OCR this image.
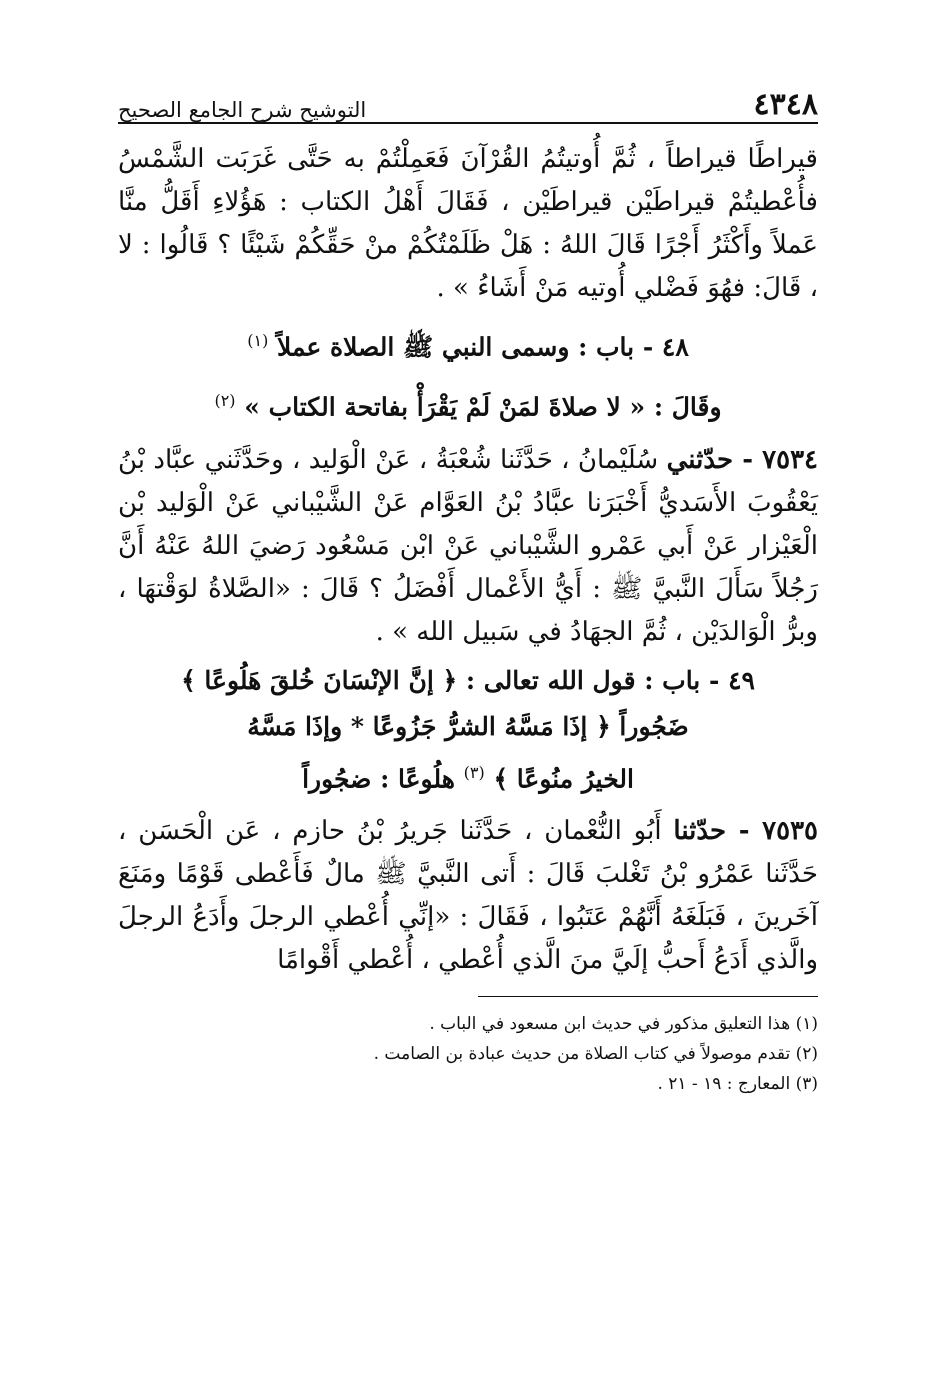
٤٣٤٨
التوشيح شرح الجامع الصحيح

قيراطًا قيراطاً ، ثُمَّ أُوتيتُمُ القُرْآنَ فَعَمِلْتُمْ به حَتَّى غَرَبَت الشَّمْسُ فأُعْطيتُمْ قيراطَيْن قيراطَيْن ، فَقَالَ أَهْلُ الكتاب : هَؤُلاءِ أَقَلُّ منَّا عَملاً وأَكْثَرُ أَجْرًا قَالَ اللهُ : هَلْ ظَلَمْتُكُمْ منْ حَقِّكُمْ شَيْئًا ؟ قَالُوا : لا ، قَالَ: فهُوَ فَضْلي أُوتيه مَنْ أَشَاءُ » .

٤٨ - باب : وسمى النبي ﷺ الصلاة عملاً $^{(١)}$
وقَالَ : « لا صلاةَ لمَنْ لَمْ يَقْرَأْ بفاتحة الكتاب » $^{(٢)}$

٧٥٣٤ - حدّثني سُلَيْمانُ ، حَدَّثَنا شُعْبَةُ ، عَنْ الْوَليد ، وحَدَّثَني عبَّاد بْنُ يَعْقُوبَ الأَسَديُّ أَخْبَرَنا عبَّادُ بْنُ العَوَّام عَنْ الشَّيْباني عَنْ الْوَليد بْن الْعَيْزار عَنْ أَبي عَمْرو الشَّيْباني عَنْ ابْن مَسْعُود رَضيَ اللهُ عَنْهُ أَنَّ رَجُلاً سَأَلَ النَّبيَّ ﷺ : أَيُّ الأَعْمال أَفْضَلُ ؟ قَالَ : «الصَّلاةُ لوَقْتهَا ، وبرُّ الْوَالدَيْن ، ثُمَّ الجهَادُ في سَبيل الله » .

٤٩ - باب : قول الله تعالى : ﴿ إنَّ الإنْسَانَ خُلقَ هَلُوعًا ﴾
ضَجُوراً ﴿ إذَا مَسَّهُ الشرُّ جَزُوعًا * وإذَا مَسَّهُ
الخيرُ منُوعًا ﴾ $^{(٣)}$ هلُوعًا : ضجُوراً

٧٥٣٥ - حدّثنا أَبُو النُّعْمان ، حَدَّثَنا جَريرُ بْنُ حازم ، عَن الْحَسَن ، حَدَّثَنا عَمْرُو بْنُ تَغْلبَ قَالَ : أَتى النَّبيَّ ﷺ مالٌ فَأَعْطى قَوْمًا ومَنَعَ آخَرينَ ، فَبَلَغَهُ أَنَّهُمْ عَتَبُوا ، فَقَالَ : «إنِّي أُعْطي الرجلَ وأَدَعُ الرجلَ والَّذي أَدَعُ أَحبُّ إلَيَّ منَ الَّذي أُعْطي ، أُعْطي أَقْوامًا

(١) هذا التعليق مذكور في حديث ابن مسعود في الباب .
(٢) تقدم موصولاً في كتاب الصلاة من حديث عبادة بن الصامت .
(٣) المعارج : ١٩ - ٢١ .
